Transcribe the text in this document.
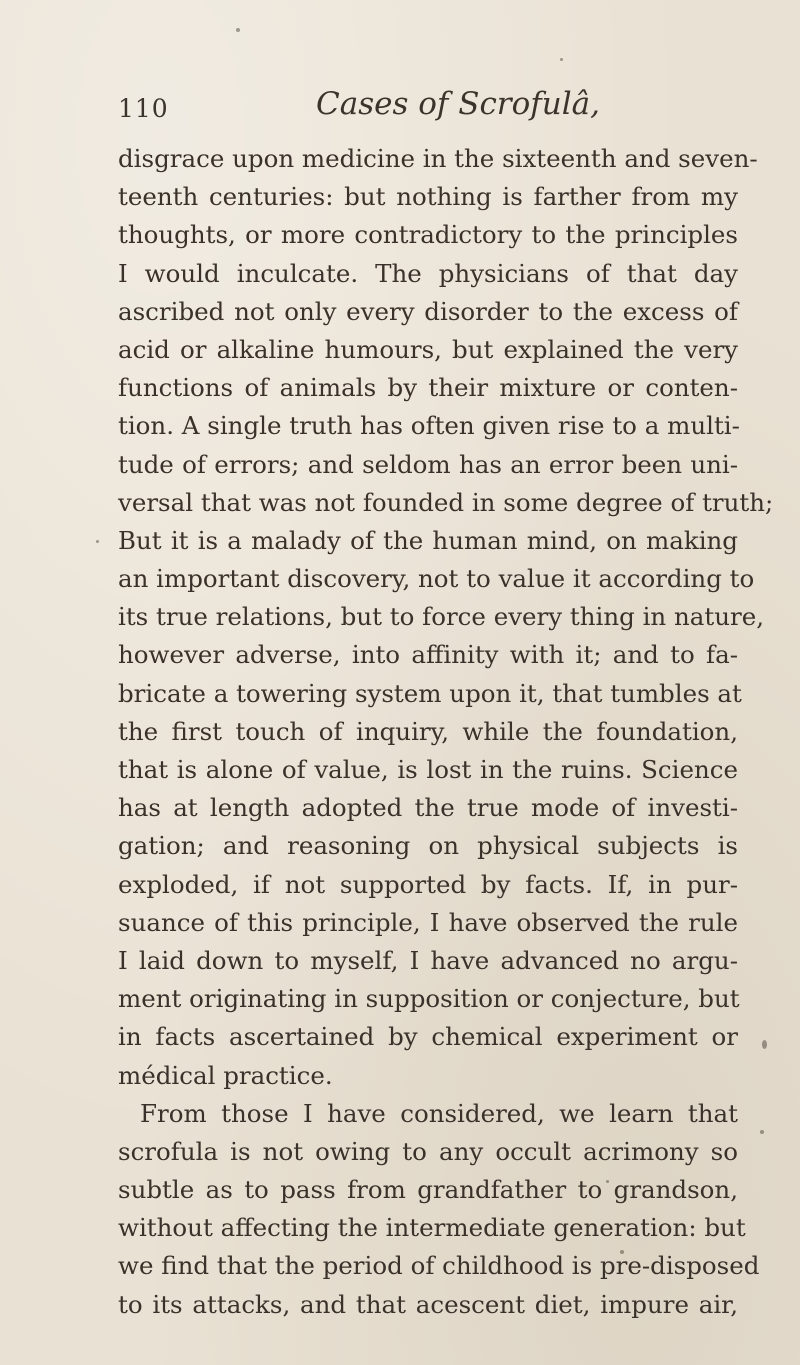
110	Cases of Scrofulâ,
disgrace upon medicine in the sixteenth and seven-
teenth centuries: but nothing is farther from my
thoughts, or more contradictory to the principles
I would inculcate. The physicians of that day
ascribed not only every disorder to the excess of
acid or alkaline humours, but explained the very
functions of animals by their mixture or conten-
tion. A single truth has often given rise to a multi-
tude of errors; and seldom has an error been uni-
versal that was not founded in some degree of truth;
But it is a malady of the human mind, on making
an important discovery, not to value it according to
its true relations, but to force every thing in nature,
however adverse, into affinity with it; and to fa-
bricate a towering system upon it, that tumbles at
the first touch of inquiry, while the foundation,
that is alone of value, is lost in the ruins. Science
has at length adopted the true mode of investi-
gation; and reasoning on physical subjects is
exploded, if not supported by facts. If, in pur-
suance of this principle, I have observed the rule
I laid down to myself, I have advanced no argu-
ment originating in supposition or conjecture, but
in facts ascertained by chemical experiment or
médical practice.
From those I have considered, we learn that
scrofula is not owing to any occult acrimony so
subtle as to pass from grandfather to grandson,
without affecting the intermediate generation: but
we find that the period of childhood is pre-disposed
to its attacks, and that acescent diet, impure air,
